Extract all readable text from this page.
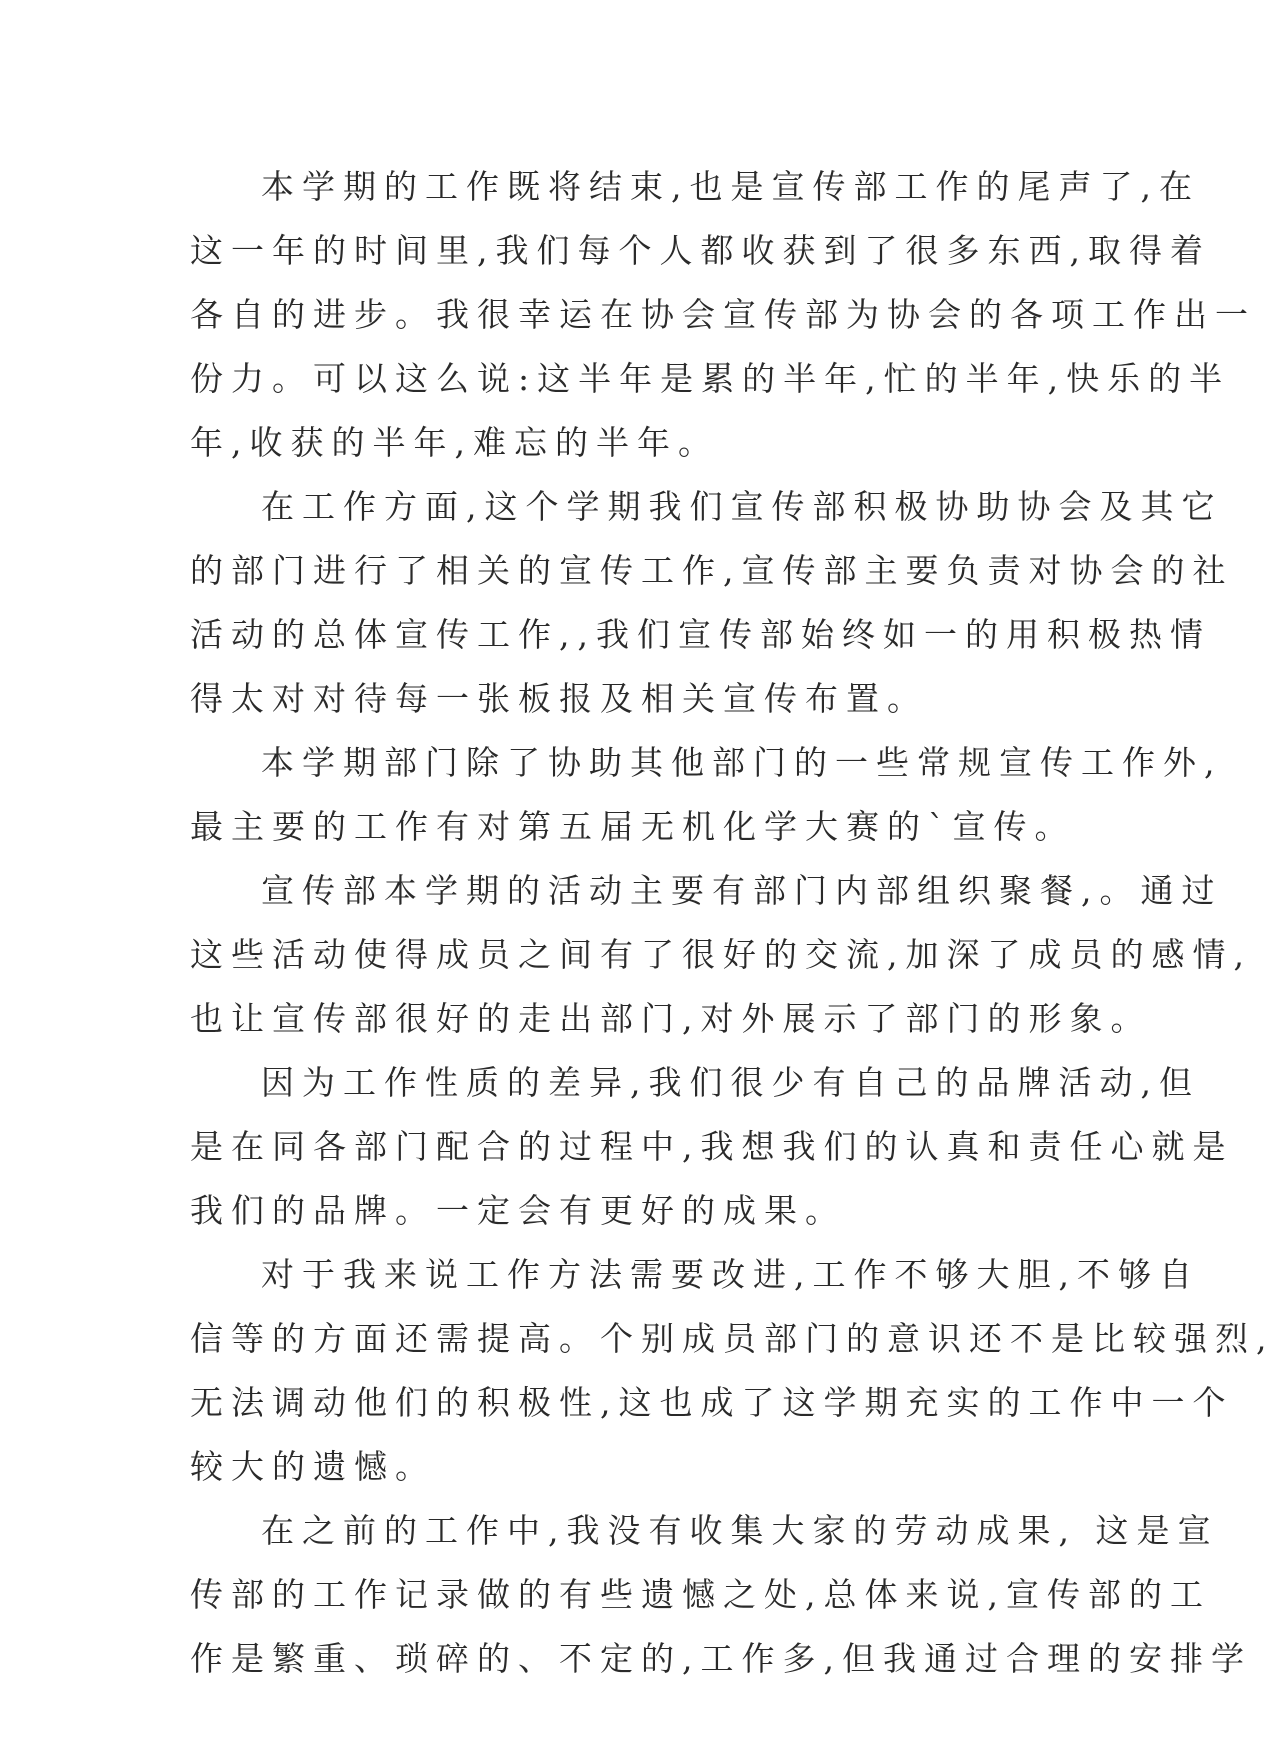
本学期的工作既将结束,也是宣传部工作的尾声了,在
这一年的时间里,我们每个人都收获到了很多东西,取得着
各自的进步。我很幸运在协会宣传部为协会的各项工作出一
份力。可以这么说:这半年是累的半年,忙的半年,快乐的半
年,收获的半年,难忘的半年。
在工作方面,这个学期我们宣传部积极协助协会及其它
的部门进行了相关的宣传工作,宣传部主要负责对协会的社
活动的总体宣传工作,,我们宣传部始终如一的用积极热情
得太对对待每一张板报及相关宣传布置。
本学期部门除了协助其他部门的一些常规宣传工作外,
最主要的工作有对第五届无机化学大赛的`宣传。
宣传部本学期的活动主要有部门内部组织聚餐,。通过
这些活动使得成员之间有了很好的交流,加深了成员的感情,
也让宣传部很好的走出部门,对外展示了部门的形象。
因为工作性质的差异,我们很少有自己的品牌活动,但
是在同各部门配合的过程中,我想我们的认真和责任心就是
我们的品牌。一定会有更好的成果。
对于我来说工作方法需要改进,工作不够大胆,不够自
信等的方面还需提高。个别成员部门的意识还不是比较强烈,
无法调动他们的积极性,这也成了这学期充实的工作中一个
较大的遗憾。
在之前的工作中,我没有收集大家的劳动成果, 这是宣
传部的工作记录做的有些遗憾之处,总体来说,宣传部的工
作是繁重、琐碎的、不定的,工作多,但我通过合理的安排学
